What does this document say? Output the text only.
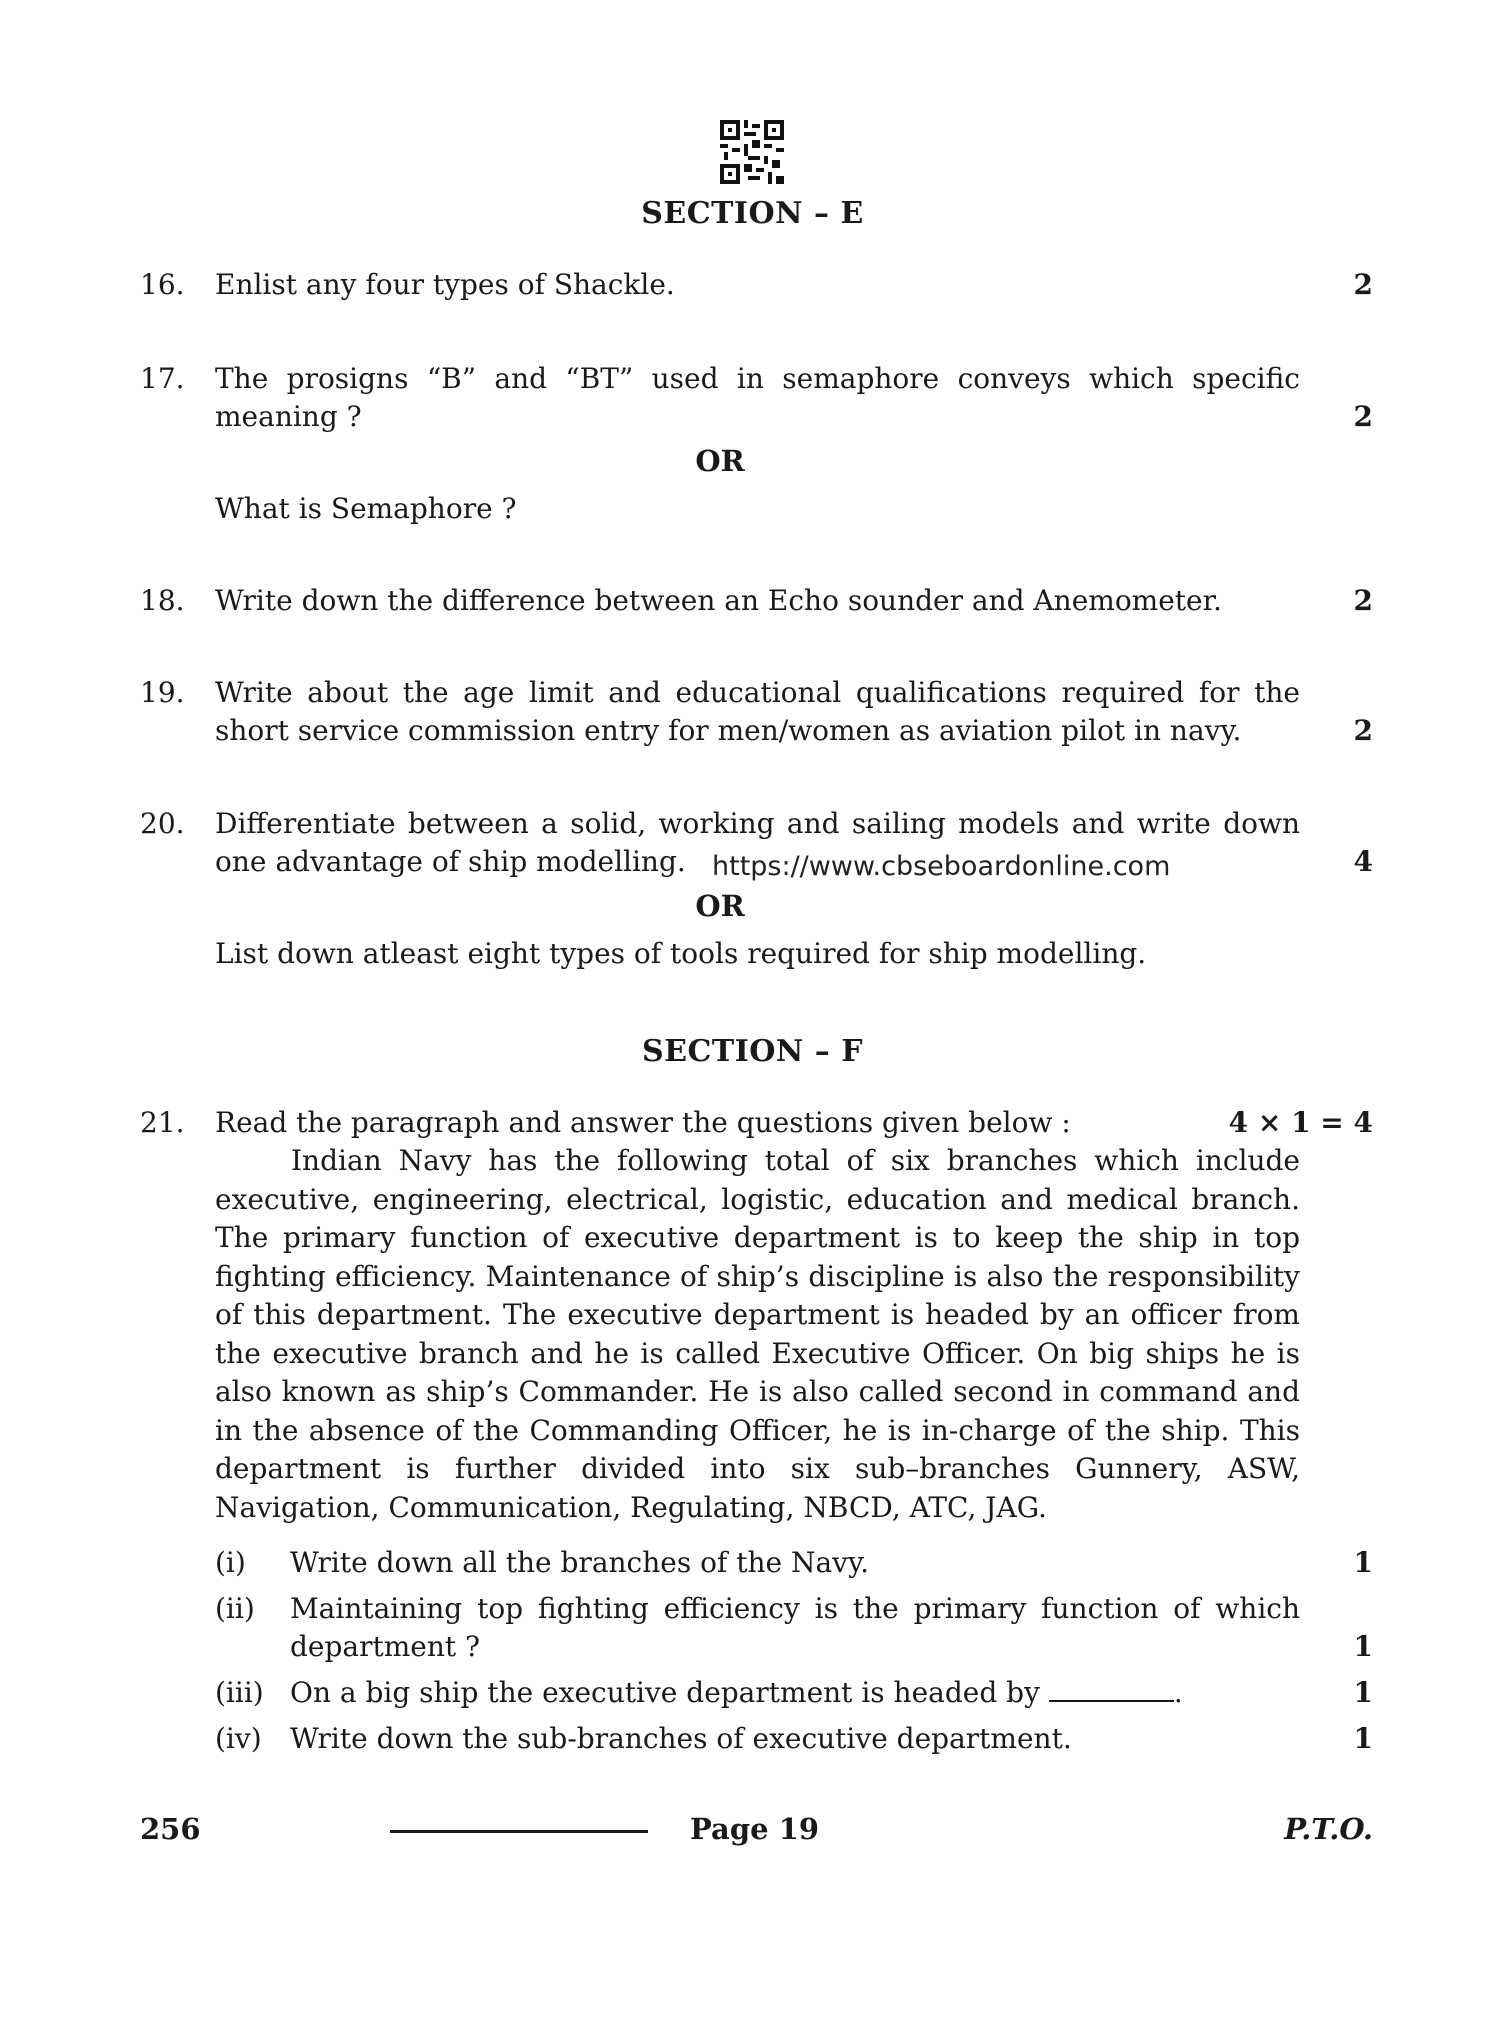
SECTION – E
16. Enlist any four types of Shackle.	2
17. The prosigns “B” and “BT” used in semaphore conveys which specific
meaning ?	2
OR
What is Semaphore ?
18. Write down the difference between an Echo sounder and Anemometer.	2
19. Write about the age limit and educational qualifications required for the
short service commission entry for men/women as aviation pilot in navy.	2
20. Differentiate between a solid, working and sailing models and write down
one advantage of ship modelling. https://www.cbseboardonline.com	4
OR
List down atleast eight types of tools required for ship modelling.
SECTION – F
21. Read the paragraph and answer the questions given below :	4 × 1 = 4
Indian Navy has the following total of six branches which include executive, engineering, electrical, logistic, education and medical branch. The primary function of executive department is to keep the ship in top fighting efficiency. Maintenance of ship’s discipline is also the responsibility of this department. The executive department is headed by an officer from the executive branch and he is called Executive Officer. On big ships he is also known as ship’s Commander. He is also called second in command and in the absence of the Commanding Officer, he is in-charge of the ship. This department is further divided into six sub–branches Gunnery, ASW, Navigation, Communication, Regulating, NBCD, ATC, JAG.
(i) Write down all the branches of the Navy.	1
(ii) Maintaining top fighting efficiency is the primary function of which
department ?	1
(iii) On a big ship the executive department is headed by	.	1
(iv) Write down the sub-branches of executive department.	1
256	Page 19	P.T.O.
